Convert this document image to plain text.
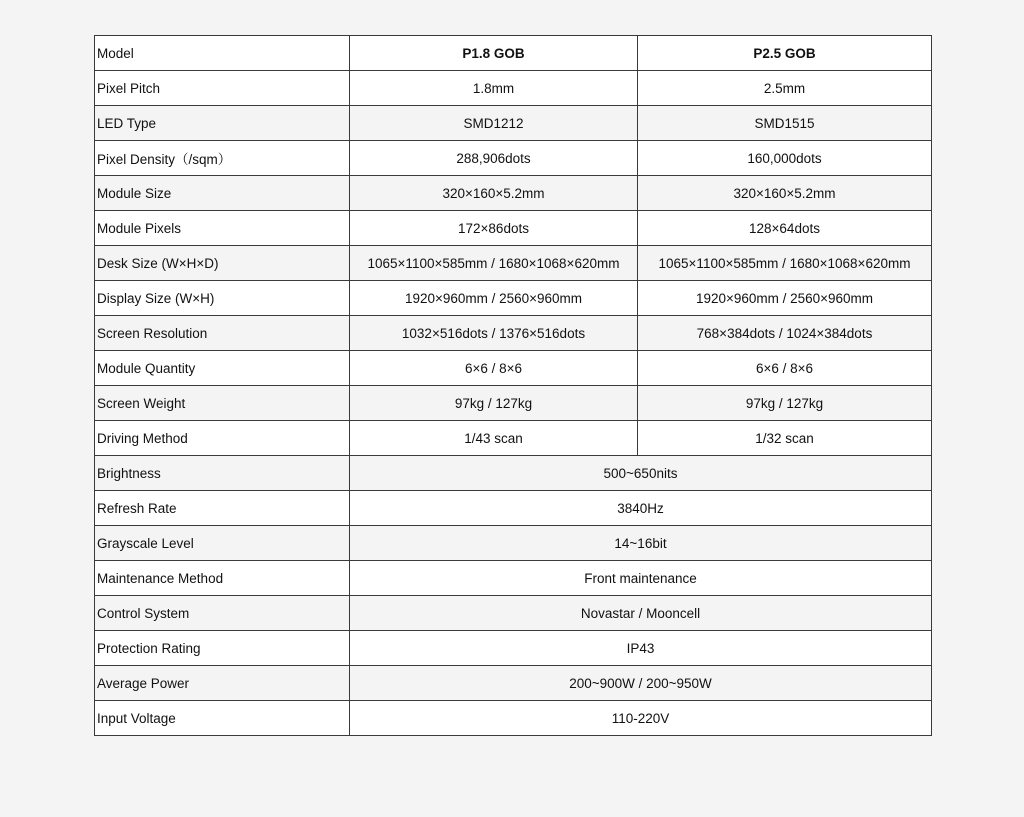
Model	P1.8 GOB	P2.5 GOB
Pixel Pitch	1.8mm	2.5mm
LED Type	SMD1212	SMD1515
Pixel Density（/sqm）	288,906dots	160,000dots
Module Size	320×160×5.2mm	320×160×5.2mm
Module Pixels	172×86dots	128×64dots
Desk Size (W×H×D)	1065×1100×585mm / 1680×1068×620mm	1065×1100×585mm / 1680×1068×620mm
Display Size (W×H)	1920×960mm / 2560×960mm	1920×960mm / 2560×960mm
Screen Resolution	1032×516dots / 1376×516dots	768×384dots / 1024×384dots
Module Quantity	6×6 / 8×6	6×6 / 8×6
Screen Weight	97kg / 127kg	97kg / 127kg
Driving Method	1/43 scan	1/32 scan
Brightness	500~650nits	
Refresh Rate	3840Hz	
Grayscale Level	14~16bit	
Maintenance Method	Front maintenance	
Control System	Novastar / Mooncell	
Protection Rating	IP43	
Average Power	200~900W / 200~950W	
Input Voltage	110-220V	
